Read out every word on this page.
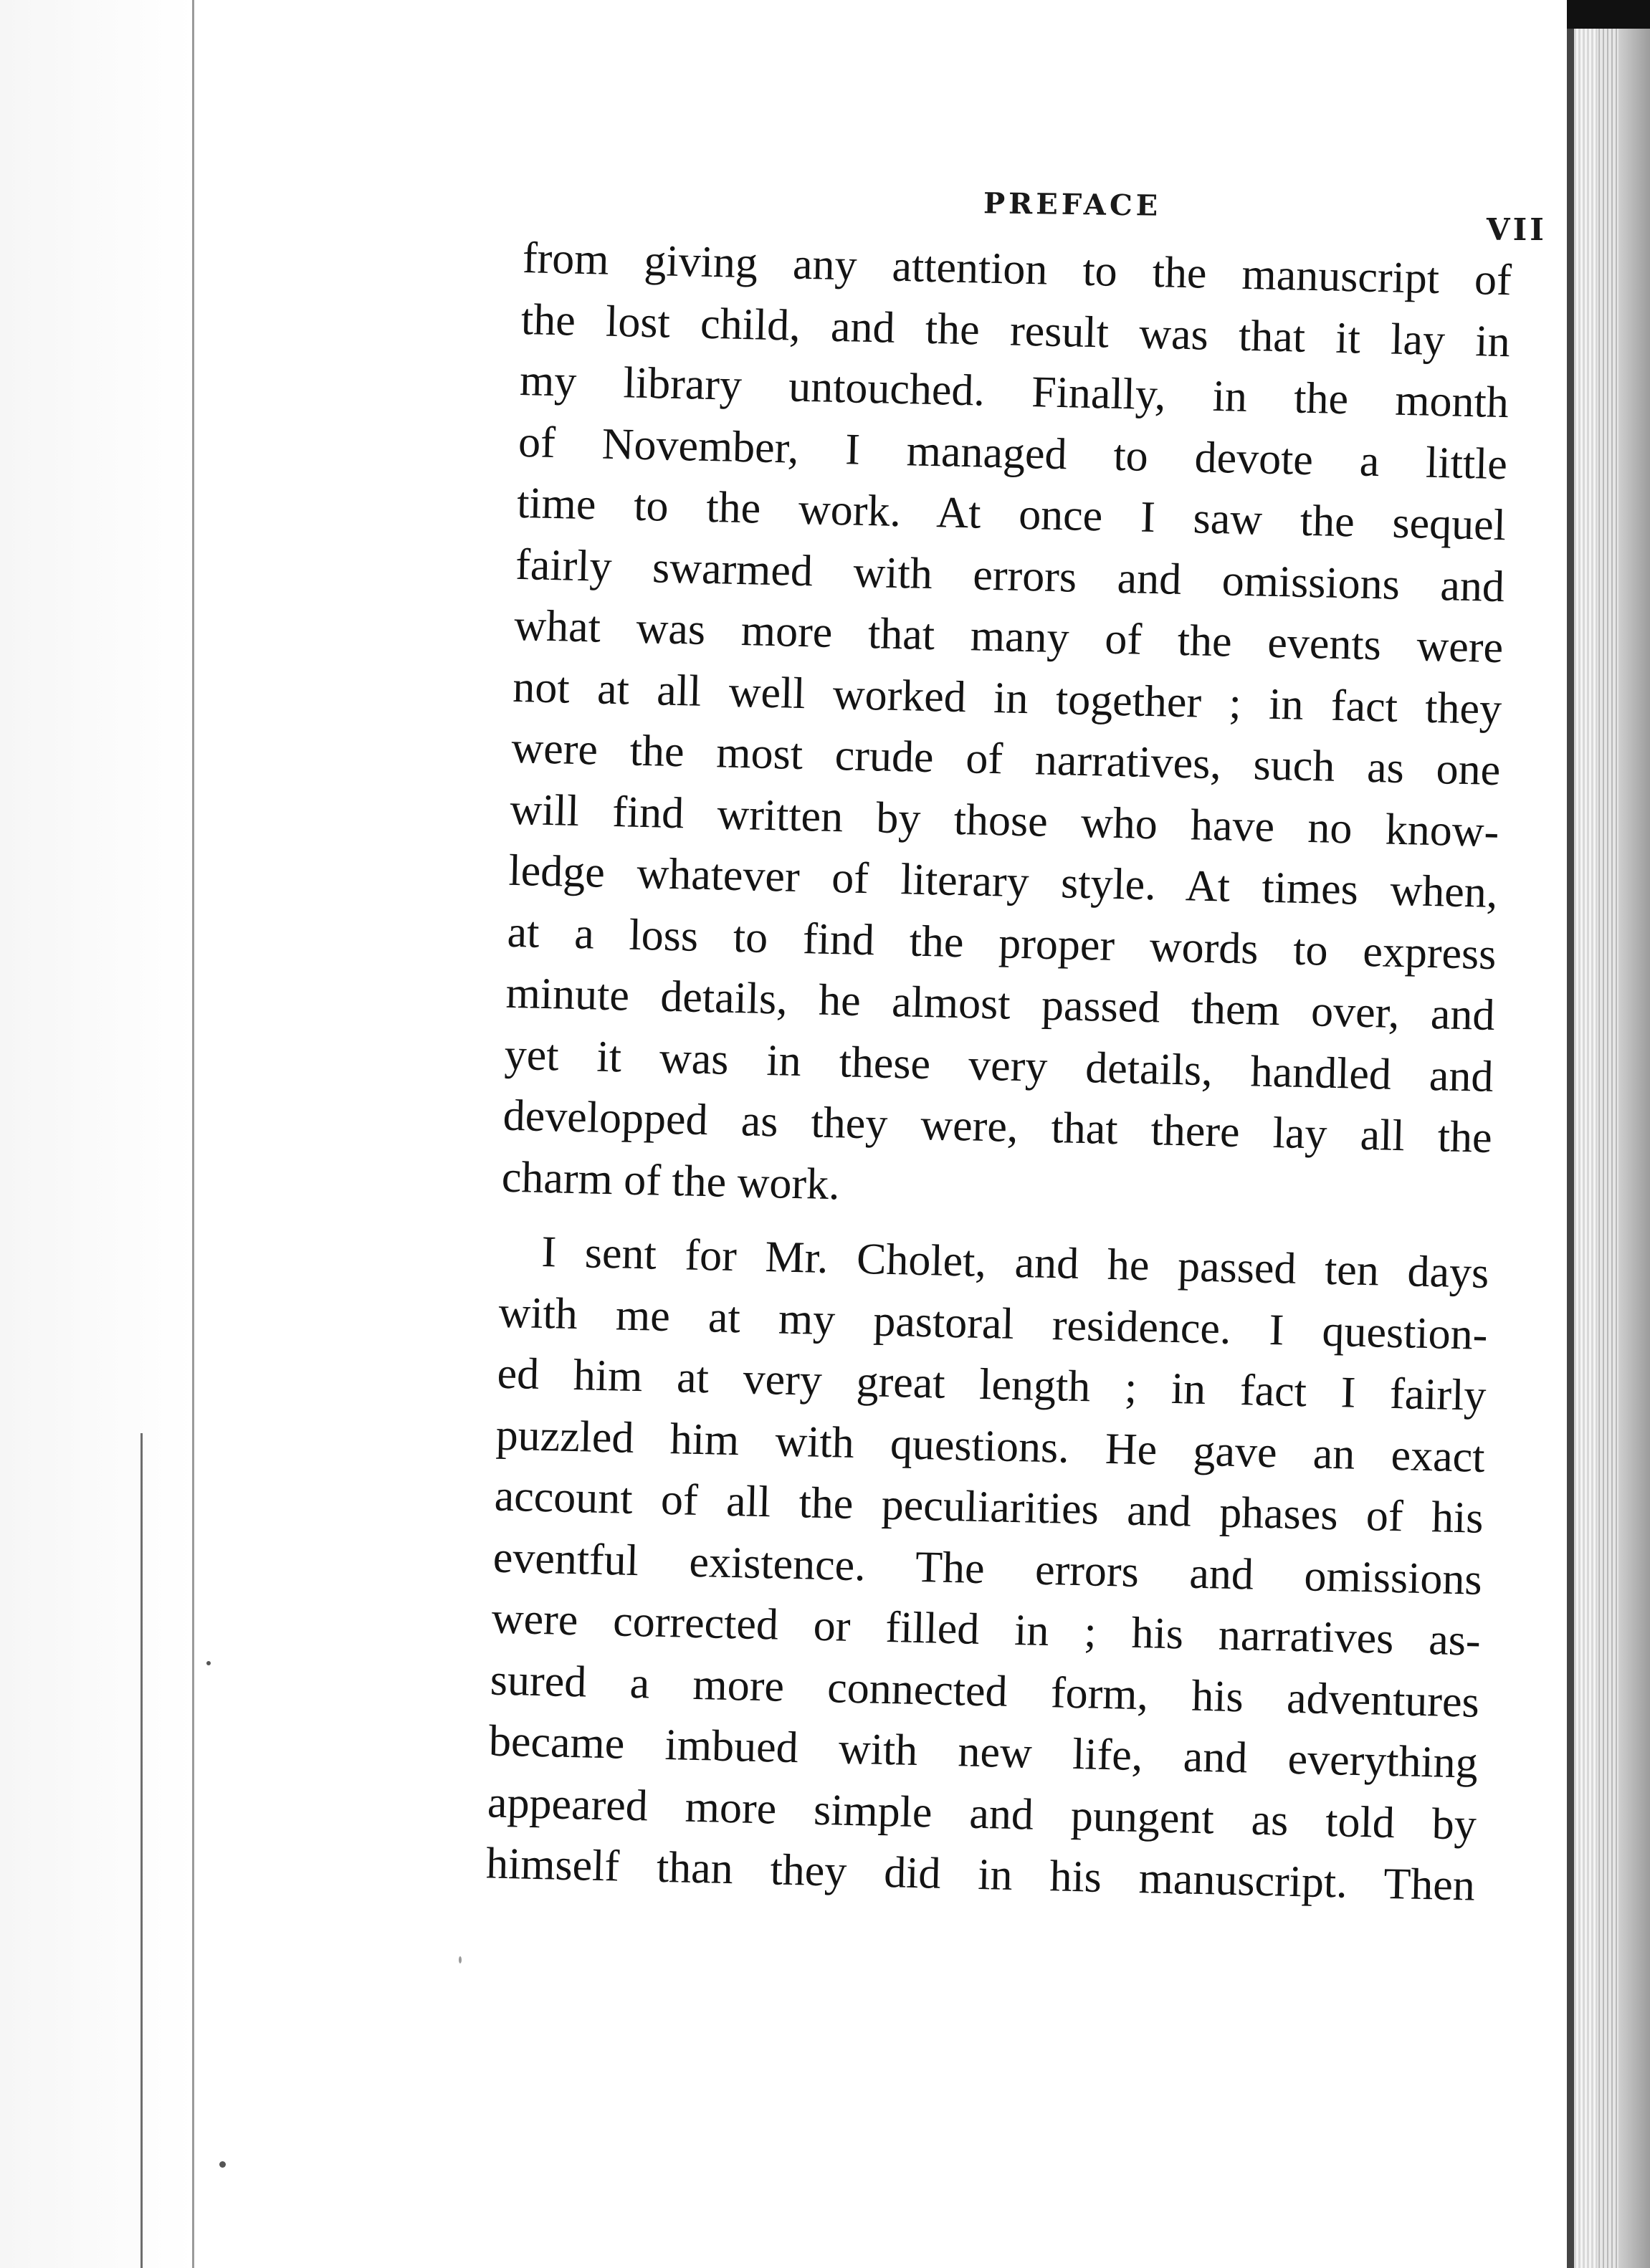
PREFACE
VII
from giving any attention to the manuscript of
the lost child, and the result was that it lay in
my library untouched. Finally, in the month
of November, I managed to devote a little
time to the work. At once I saw the sequel
fairly swarmed with errors and omissions and
what was more that many of the events were
not at all well worked in together ; in fact they
were the most crude of narratives, such as one
will find written by those who have no know-
ledge whatever of literary style. At times when,
at a loss to find the proper words to express
minute details, he almost passed them over, and
yet it was in these very details, handled and
developped as they were, that there lay all the
charm of the work.
I sent for Mr. Cholet, and he passed ten days
with me at my pastoral residence. I question-
ed him at very great length ; in fact I fairly
puzzled him with questions. He gave an exact
account of all the peculiarities and phases of his
eventful existence. The errors and omissions
were corrected or filled in ; his narratives as-
sured a more connected form, his adventures
became imbued with new life, and everything
appeared more simple and pungent as told by
himself than they did in his manuscript. Then
